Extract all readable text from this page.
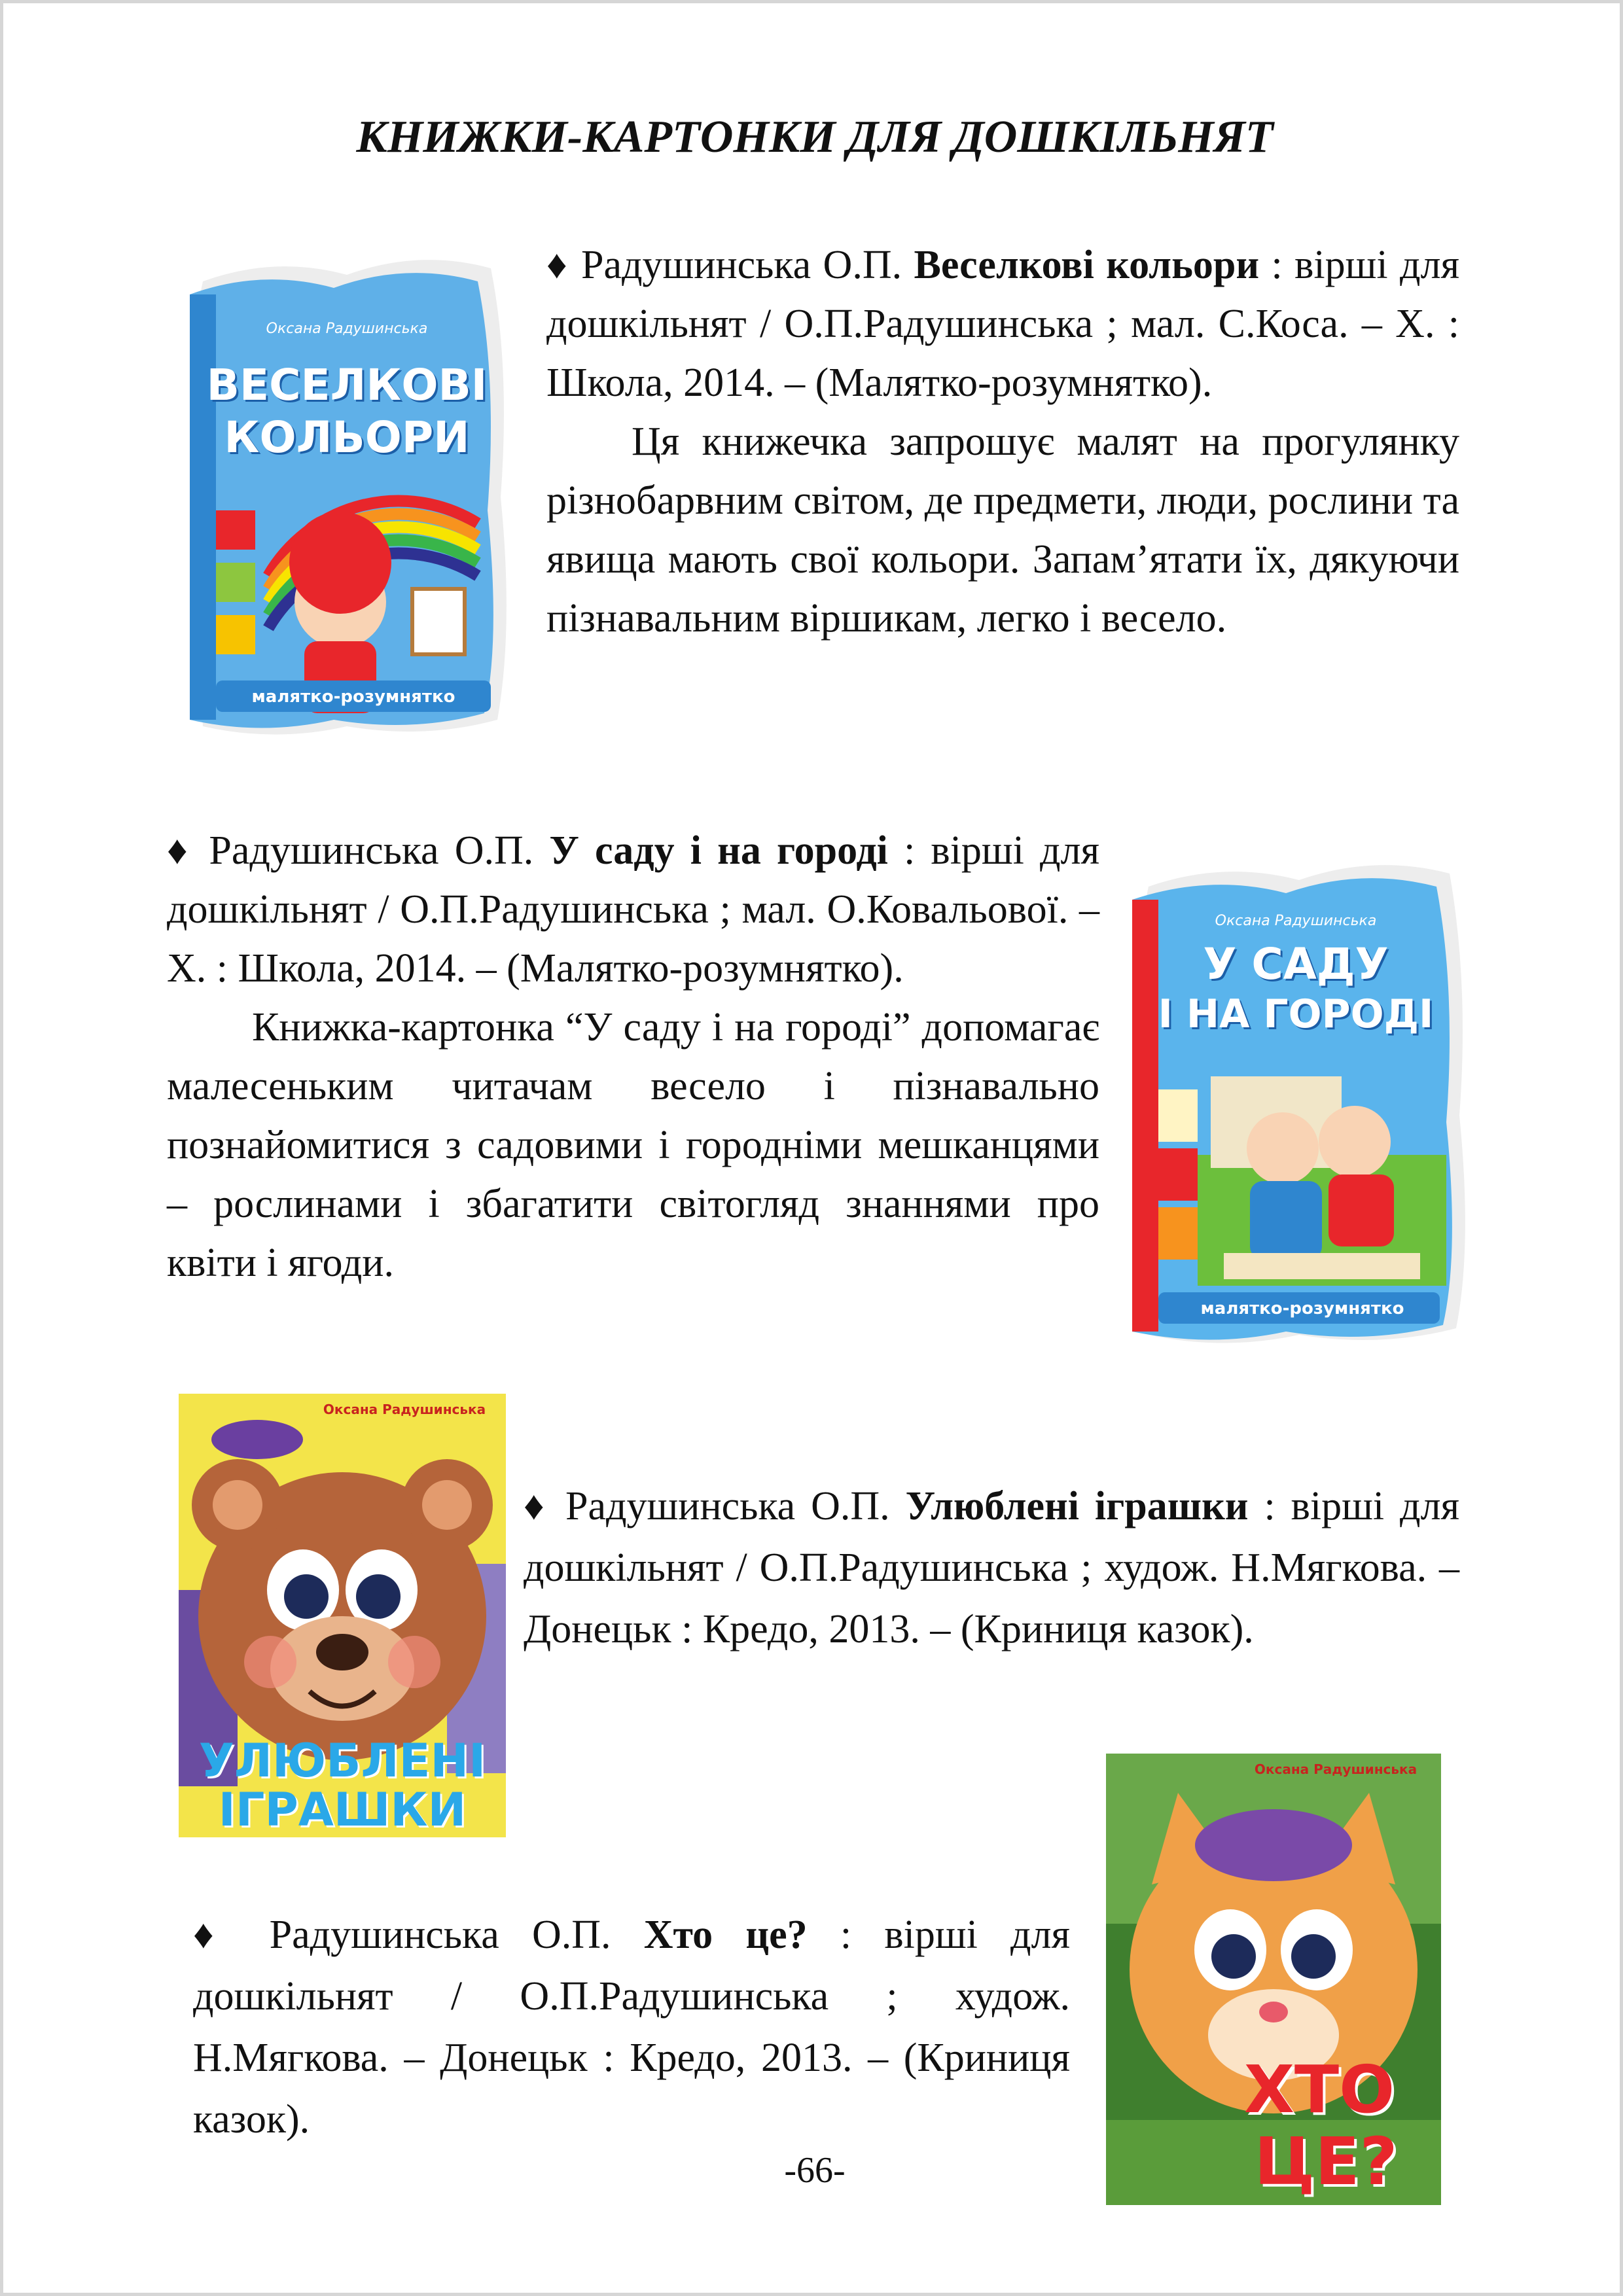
КНИЖКИ-КАРТОНКИ ДЛЯ ДОШКІЛЬНЯТ
Оксана Радушинська
ВЕСЕЛКОВІ
КОЛЬОРИ
малятко-розумнятко

♦ Радушинська О.П. Веселкові кольори : вірші для дошкільнят / О.П.Радушинська ; мал. С.Коса. – Х. : Школа, 2014. – (Малятко-розумнятко).

Ця книжечка запрошує малят на прогулянку різнобарвним світом, де предмети, люди, рослини та явища мають свої кольори. Запам’ятати їх, дякуючи пізнавальним віршикам, легко і весело.

♦ Радушинська О.П. У саду і на городі : вірші для дошкільнят / О.П.Радушинська ; мал. О.Ковальової. – Х. : Школа, 2014. – (Малятко-розумнятко).

Книжка-картонка “У саду і на городі” допомагає малесеньким читачам весело і пізнавально познайомитися з садовими і городніми мешканцями – рослинами і збагатити світогляд знаннями про квіти і ягоди.

Оксана Радушинська
У САДУ
І НА ГОРОДІ
малятко-розумнятко
Оксана Радушинська
УЛЮБЛЕНІ
ІГРАШКИ

♦ Радушинська О.П. Улюблені іграшки : вірші для дошкільнят / О.П.Радушинська ; худож. Н.Мягкова. – Донецьк : Кредо, 2013. – (Криниця казок).

♦ Радушинська О.П. Хто це? : вірші для дошкільнят / О.П.Радушинська ; худож. Н.Мягкова. – Донецьк : Кредо, 2013. – (Криниця казок).

Оксана Радушинська
ХТО
ЦЕ?

-66-
